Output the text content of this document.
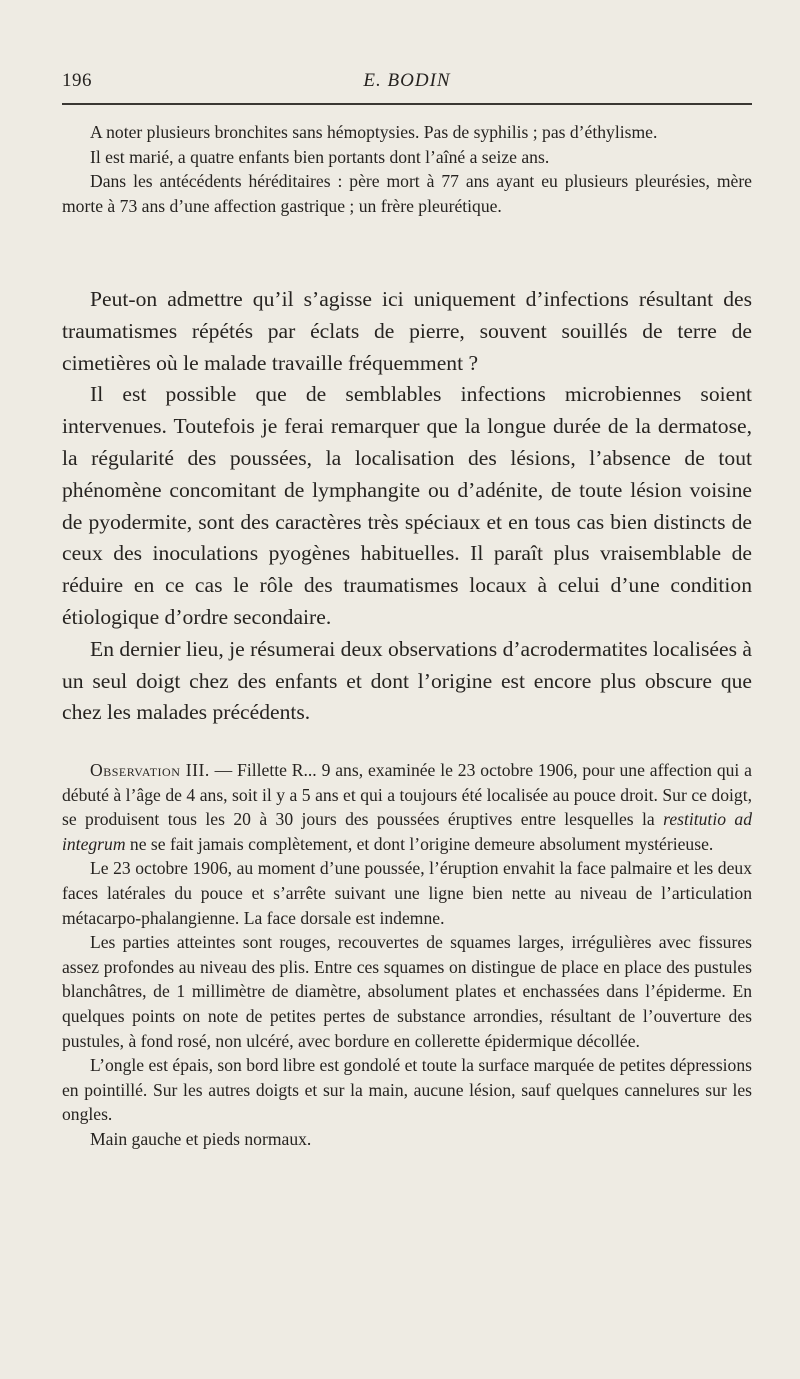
196	E. BODIN

A noter plusieurs bronchites sans hémoptysies. Pas de syphilis ; pas d’éthylisme.

Il est marié, a quatre enfants bien portants dont l’aîné a seize ans.

Dans les antécédents héréditaires : père mort à 77 ans ayant eu plusieurs pleurésies, mère morte à 73 ans d’une affection gastrique ; un frère pleurétique.

Peut-on admettre qu’il s’agisse ici uniquement d’infections résultant des traumatismes répétés par éclats de pierre, souvent souillés de terre de cimetières où le malade travaille fréquemment ?

Il est possible que de semblables infections microbiennes soient intervenues. Toutefois je ferai remarquer que la longue durée de la dermatose, la régularité des poussées, la localisation des lésions, l’absence de tout phénomène concomitant de lymphangite ou d’adénite, de toute lésion voisine de pyodermite, sont des caractères très spéciaux et en tous cas bien distincts de ceux des inoculations pyogènes habituelles. Il paraît plus vraisemblable de réduire en ce cas le rôle des traumatismes locaux à celui d’une condition étiologique d’ordre secondaire.

En dernier lieu, je résumerai deux observations d’acrodermatites localisées à un seul doigt chez des enfants et dont l’origine est encore plus obscure que chez les malades précédents.

Observation III. — Fillette R... 9 ans, examinée le 23 octobre 1906, pour une affection qui a débuté à l’âge de 4 ans, soit il y a 5 ans et qui a toujours été localisée au pouce droit. Sur ce doigt, se produisent tous les 20 à 30 jours des poussées éruptives entre lesquelles la restitutio ad integrum ne se fait jamais complètement, et dont l’origine demeure absolument mystérieuse.

Le 23 octobre 1906, au moment d’une poussée, l’éruption envahit la face palmaire et les deux faces latérales du pouce et s’arrête suivant une ligne bien nette au niveau de l’articulation métacarpo-phalangienne. La face dorsale est indemne.

Les parties atteintes sont rouges, recouvertes de squames larges, irrégulières avec fissures assez profondes au niveau des plis. Entre ces squames on distingue de place en place des pustules blanchâtres, de 1 millimètre de diamètre, absolument plates et enchassées dans l’épiderme. En quelques points on note de petites pertes de substance arrondies, résultant de l’ouverture des pustules, à fond rosé, non ulcéré, avec bordure en collerette épidermique décollée.

L’ongle est épais, son bord libre est gondolé et toute la surface marquée de petites dépressions en pointillé. Sur les autres doigts et sur la main, aucune lésion, sauf quelques cannelures sur les ongles.

Main gauche et pieds normaux.
